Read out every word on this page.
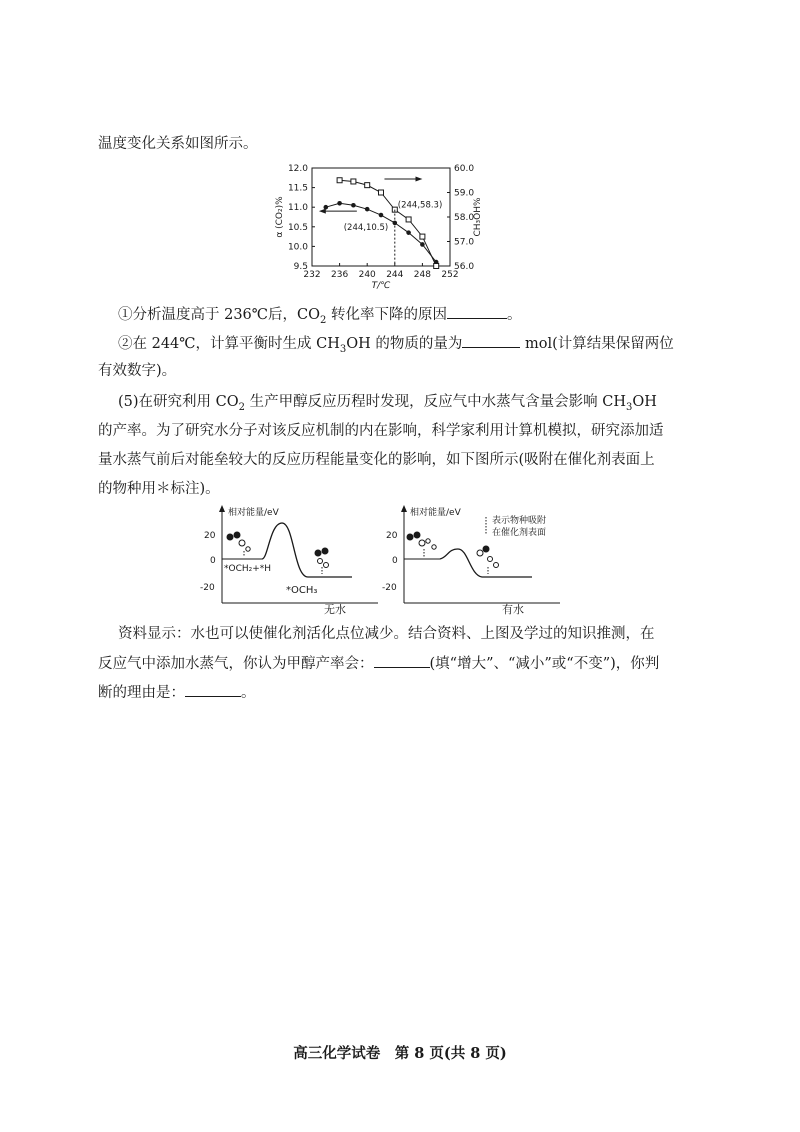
温度变化关系如图所示。
232 236 240 244 248 252
9.5
10.0
10.5
11.0
11.5
12.0
56.0
57.0
58.0
59.0
60.0
T/℃
α (CO₂)%	CH₃OH%
(244,58.3)
(244,10.5)
①分析温度高于 236℃后，$CO_2$ 转化率下降的原因	。
②在 244℃，计算平衡时生成 $CH_3OH$ 的物质的量为	mol(计算结果保留两位
有效数字)。
(5)在研究利用 $CO_2$ 生产甲醇反应历程时发现，反应气中水蒸气含量会影响 $CH_3OH$
的产率。为了研究水分子对该反应机制的内在影响，科学家利用计算机模拟，研究添加适
量水蒸气前后对能垒较大的反应历程能量变化的影响，如下图所示(吸附在催化剂表面上
的物种用＊标注)。
相对能量/eV
20
0
-20
*OCH₂+*H
*OCH₃
无水
相对能量/eV
20
0
-20
表示物种吸附
在催化剂表面
有水
资料显示：水也可以使催化剂活化点位减少。结合资料、上图及学过的知识推测，在
反应气中添加水蒸气，你认为甲醇产率会：	(填“增大”、“减小”或“不变”)，你判
断的理由是：	。
高三化学试卷　第 8 页(共 8 页)
